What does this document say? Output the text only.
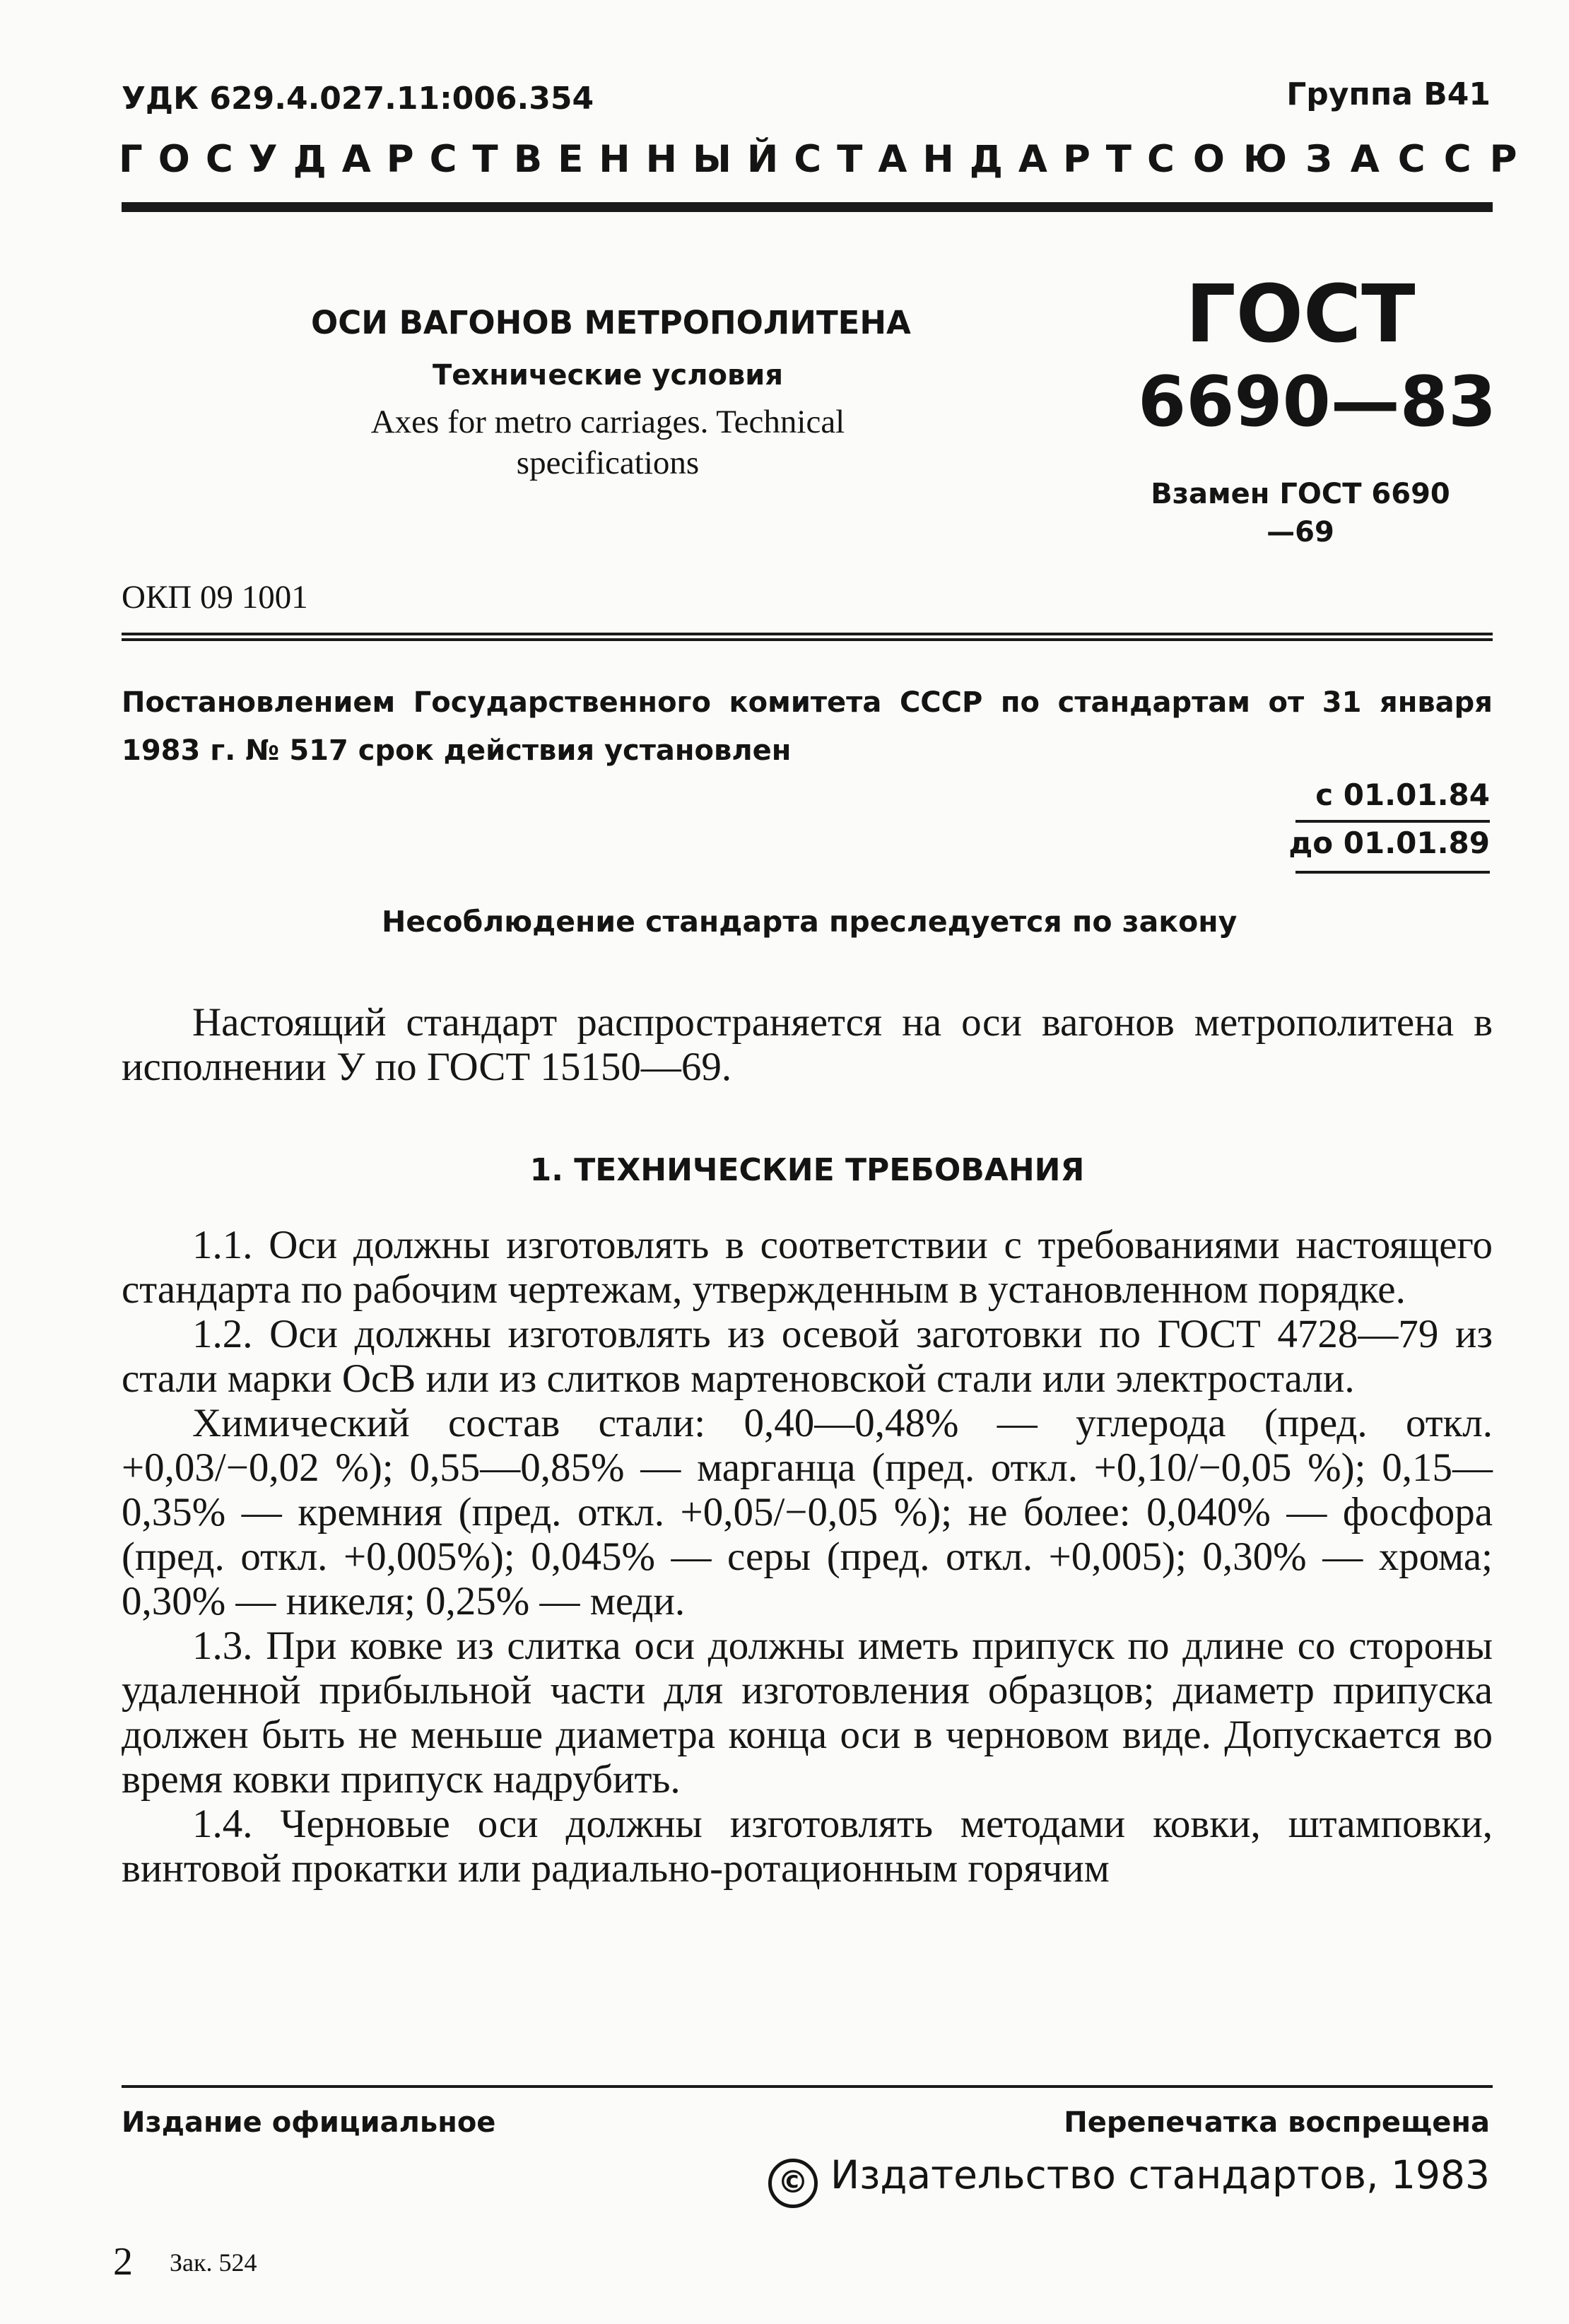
УДК 629.4.027.11:006.354	Группа В41
ГОСУДАРСТВЕННЫЙ СТАНДАРТ СОЮЗА ССР
ОСИ ВАГОНОВ МЕТРОПОЛИТЕНА
Технические условия
Axes for metro carriages. Technical specifications
ОКП 09 1001
ГОСТ
6690—83
Взамен ГОСТ 6690—69
Постановлением Государственного комитета СССР по стандартам от 31 января 1983 г. № 517 срок действия установлен
с 01.01.84
до 01.01.89
Несоблюдение стандарта преследуется по закону

Настоящий стандарт распространяется на оси вагонов метрополитена в исполнении У по ГОСТ 15150—69.

1. ТЕХНИЧЕСКИЕ ТРЕБОВАНИЯ

1.1. Оси должны изготовлять в соответствии с требованиями настоящего стандарта по рабочим чертежам, утвержденным в установленном порядке.

1.2. Оси должны изготовлять из осевой заготовки по ГОСТ 4728—79 из стали марки ОсВ или из слитков мартеновской стали или электростали.

Химический состав стали: 0,40—0,48% — углерода (пред. откл. +0,03/−0,02 %); 0,55—0,85% — марганца (пред. откл. +0,10/−0,05 %); 0,15—0,35% — кремния (пред. откл. +0,05/−0,05 %); не более: 0,040% — фосфора (пред. откл. +0,005%); 0,045% — серы (пред. откл. +0,005); 0,30% — хрома; 0,30% — никеля; 0,25% — меди.

1.3. При ковке из слитка оси должны иметь припуск по длине со стороны удаленной прибыльной части для изготовления образцов; диаметр припуска должен быть не меньше диаметра конца оси в черновом виде. Допускается во время ковки припуск надрубить.

1.4. Черновые оси должны изготовлять методами ковки, штамповки, винтовой прокатки или радиально-ротационным горячим

Издание официальное	Перепечатка воспрещена
© Издательство стандартов, 1983
2 Зак. 524
